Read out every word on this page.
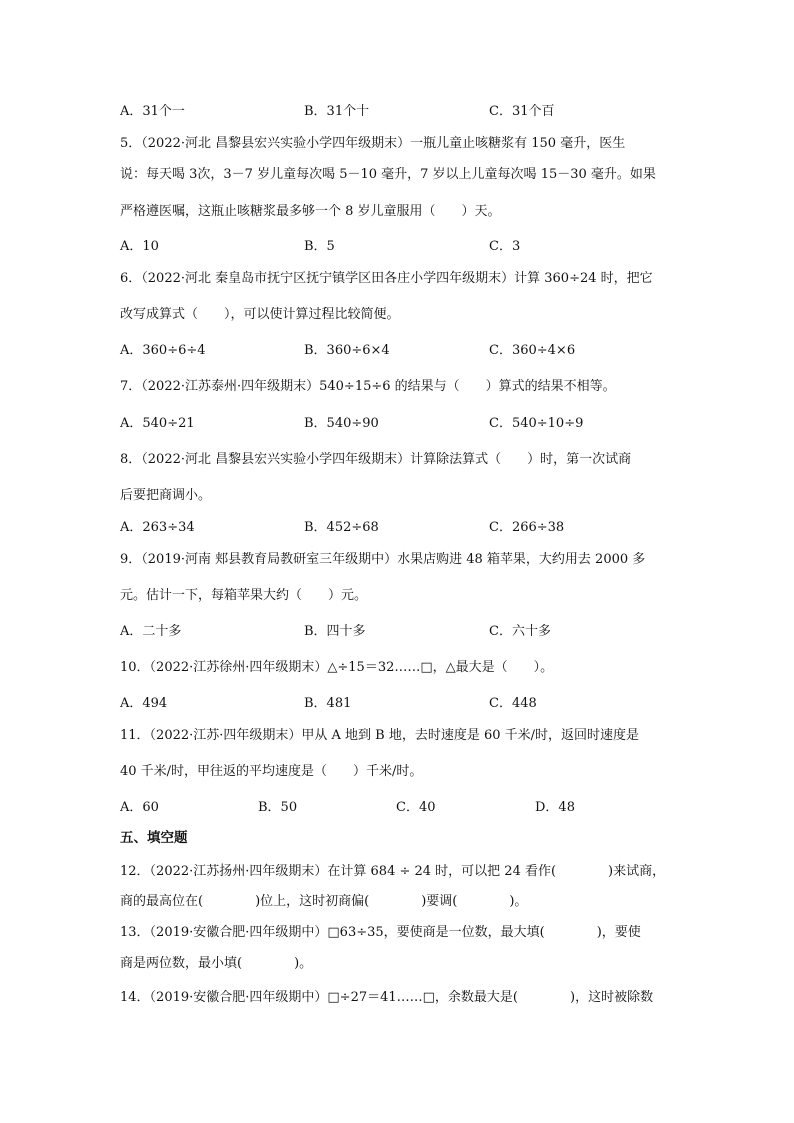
A．31个一	B．31个十	C．31个百
5．（2022·河北 昌黎县宏兴实验小学四年级期末）一瓶儿童止咳糖浆有 150 毫升，医生
说：每天喝 3次，3－7 岁儿童每次喝 5－10 毫升，7 岁以上儿童每次喝 15－30 毫升。如果
严格遵医嘱，这瓶止咳糖浆最多够一个 8 岁儿童服用（　　）天。
A．10	B．5	C．3
6．（2022·河北 秦皇岛市抚宁区抚宁镇学区田各庄小学四年级期末）计算 360÷24 时，把它
改写成算式（　　），可以使计算过程比较简便。
A．360÷6÷4	B．360÷6×4	C．360÷4×6
7．（2022·江苏泰州·四年级期末）540÷15÷6 的结果与（　　）算式的结果不相等。
A．540÷21	B．540÷90	C．540÷10÷9
8．（2022·河北 昌黎县宏兴实验小学四年级期末）计算除法算式（　　）时，第一次试商
后要把商调小。
A．263÷34	B．452÷68	C．266÷38
9．（2019·河南 郏县教育局教研室三年级期中）水果店购进 48 箱苹果，大约用去 2000 多
元。估计一下，每箱苹果大约（　　）元。
A．二十多	B．四十多	C．六十多
10．（2022·江苏徐州·四年级期末）△÷15＝32……□，△最大是（　　）。
A．494	B．481	C．448
11．（2022·江苏·四年级期末）甲从 A 地到 B 地，去时速度是 60 千米/时，返回时速度是
40 千米/时，甲往返的平均速度是（　　）千米/时。
A．60	B．50	C．40	D．48
五、填空题
12．（2022·江苏扬州·四年级期末）在计算 684 ÷ 24 时，可以把 24 看作(　　　　)来试商，
商的最高位在(　　　　)位上，这时初商偏(　　　　)要调(　　　　)。
13．（2019·安徽合肥·四年级期中）□63÷35，要使商是一位数，最大填(　　　　)，要使
商是两位数，最小填(　　　　)。
14．（2019·安徽合肥·四年级期中）□÷27＝41……□，余数最大是(　　　　)，这时被除数
